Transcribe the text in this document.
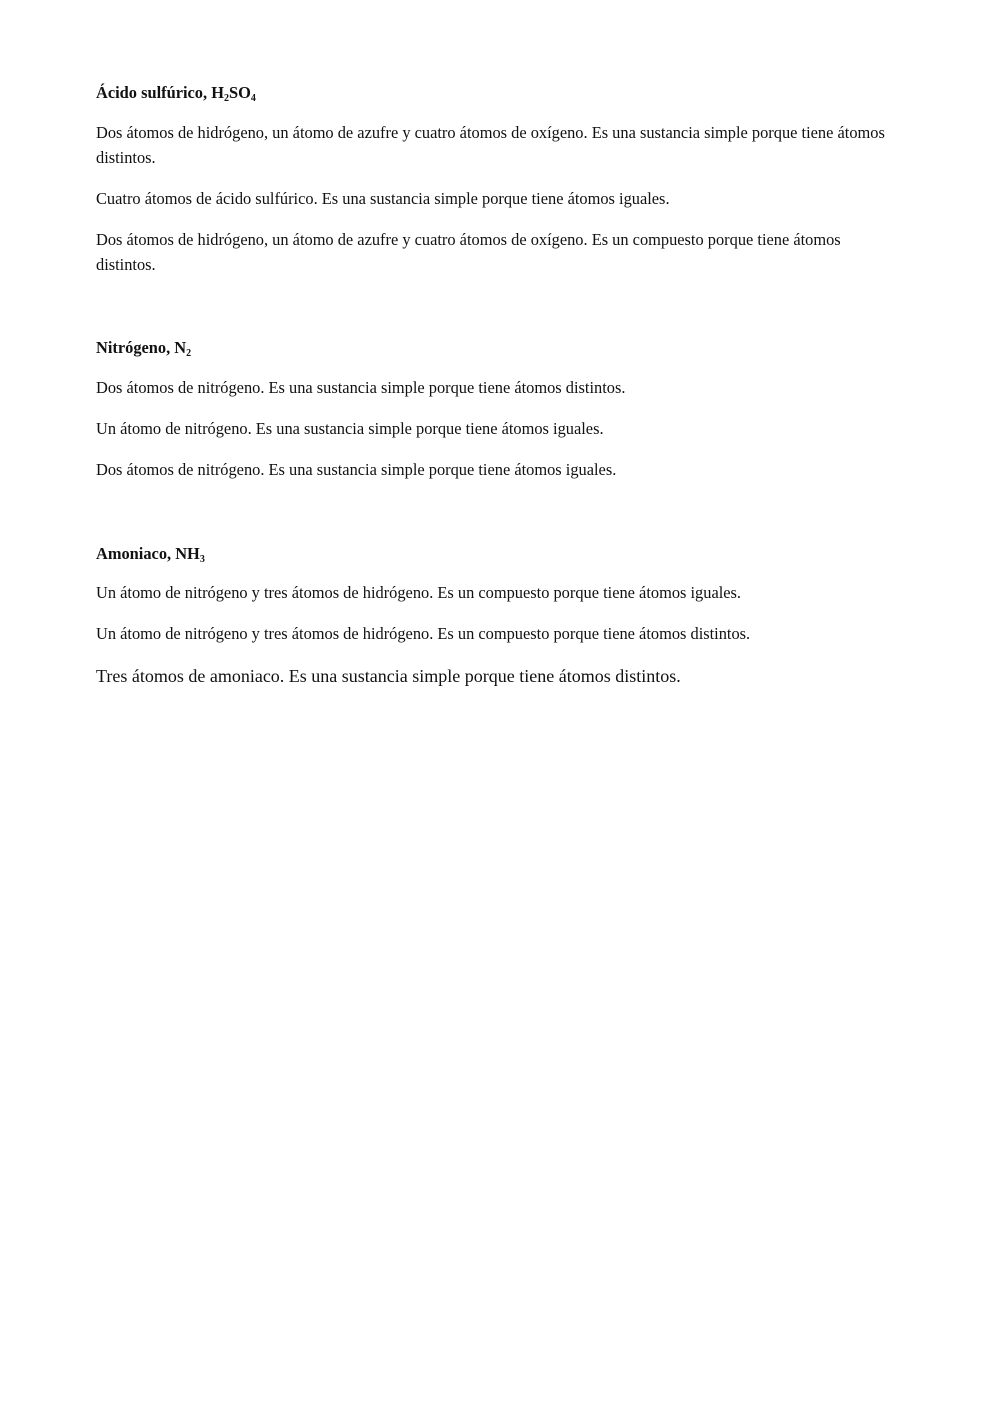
Ácido sulfúrico, $H_2SO_4$

Dos átomos de hidrógeno, un átomo de azufre y cuatro átomos de oxígeno. Es una sustancia simple porque tiene átomos distintos.

Cuatro átomos de ácido sulfúrico. Es una sustancia simple porque tiene átomos iguales.

Dos átomos de hidrógeno, un átomo de azufre y cuatro átomos de oxígeno. Es un compuesto porque tiene átomos distintos.

Nitrógeno, $N_2$

Dos átomos de nitrógeno. Es una sustancia simple porque tiene átomos distintos.

Un átomo de nitrógeno. Es una sustancia simple porque tiene átomos iguales.

Dos átomos de nitrógeno. Es una sustancia simple porque tiene átomos iguales.

Amoniaco, $NH_3$

Un átomo de nitrógeno y tres átomos de hidrógeno. Es un compuesto porque tiene átomos iguales.

Un átomo de nitrógeno y tres átomos de hidrógeno. Es un compuesto porque tiene átomos distintos.

Tres átomos de amoniaco. Es una sustancia simple porque tiene átomos distintos.
